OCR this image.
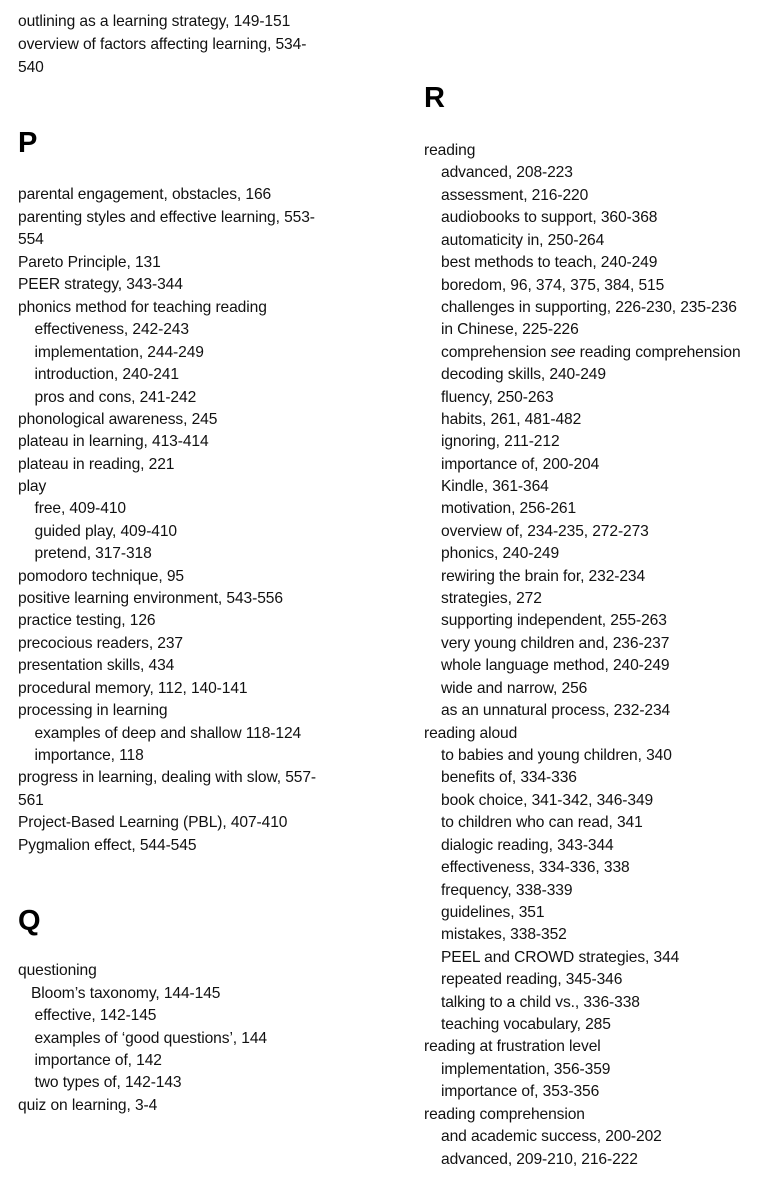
outlining as a learning strategy, 149-151
overview of factors affecting learning, 534-
540
P
parental engagement, obstacles, 166
parenting styles and effective learning, 553-
554
Pareto Principle, 131
PEER strategy, 343-344
phonics method for teaching reading
effectiveness, 242-243
implementation, 244-249
introduction, 240-241
pros and cons, 241-242
phonological awareness, 245
plateau in learning, 413-414
plateau in reading, 221
play
free, 409-410
guided play, 409-410
pretend, 317-318
pomodoro technique, 95
positive learning environment, 543-556
practice testing, 126
precocious readers, 237
presentation skills, 434
procedural memory, 112, 140-141
processing in learning
examples of deep and shallow 118-124
importance, 118
progress in learning, dealing with slow, 557-
561
Project-Based Learning (PBL), 407-410
Pygmalion effect, 544-545
Q
questioning
Bloom’s taxonomy, 144-145
effective, 142-145
examples of ‘good questions’, 144
importance of, 142
two types of, 142-143
quiz on learning, 3-4
R
reading
advanced, 208-223
assessment, 216-220
audiobooks to support, 360-368
automaticity in, 250-264
best methods to teach, 240-249
boredom, 96, 374, 375, 384, 515
challenges in supporting, 226-230, 235-236
in Chinese, 225-226
comprehension see reading comprehension
decoding skills, 240-249
fluency, 250-263
habits, 261, 481-482
ignoring, 211-212
importance of, 200-204
Kindle, 361-364
motivation, 256-261
overview of, 234-235, 272-273
phonics, 240-249
rewiring the brain for, 232-234
strategies, 272
supporting independent, 255-263
very young children and, 236-237
whole language method, 240-249
wide and narrow, 256
as an unnatural process, 232-234
reading aloud
to babies and young children, 340
benefits of, 334-336
book choice, 341-342, 346-349
to children who can read, 341
dialogic reading, 343-344
effectiveness, 334-336, 338
frequency, 338-339
guidelines, 351
mistakes, 338-352
PEEL and CROWD strategies, 344
repeated reading, 345-346
talking to a child vs., 336-338
teaching vocabulary, 285
reading at frustration level
implementation, 356-359
importance of, 353-356
reading comprehension
and academic success, 200-202
advanced, 209-210, 216-222
